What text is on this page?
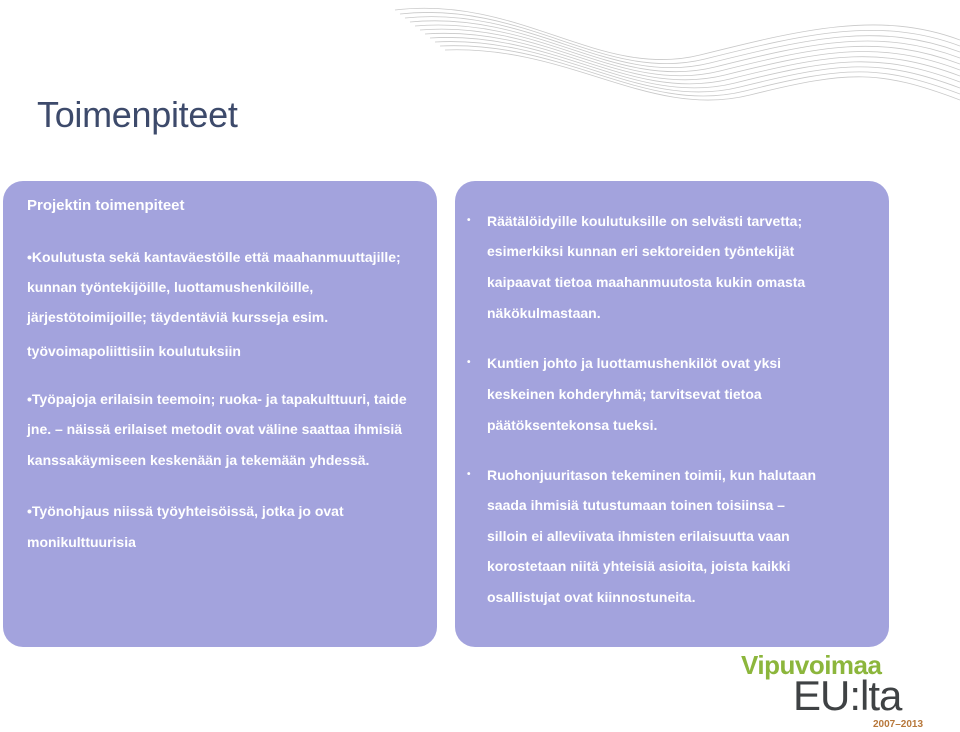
Toimenpiteet
Projektin toimenpiteet
•Koulutusta sekä kantaväestölle että maahanmuuttajille;
kunnan työntekijöille, luottamushenkilöille,
järjestötoimijoille; täydentäviä kursseja esim.
työvoimapoliittisiin koulutuksiin
•Työpajoja erilaisin teemoin; ruoka- ja tapakulttuuri, taide
jne. – näissä erilaiset metodit ovat väline saattaa ihmisiä
kanssakäymiseen keskenään ja tekemään yhdessä.
•Työnohjaus niissä työyhteisöissä, jotka jo ovat
monikulttuurisia
• Räätälöidyille koulutuksille on selvästi tarvetta;
esimerkiksi kunnan eri sektoreiden työntekijät
kaipaavat tietoa maahanmuutosta kukin omasta
näkökulmastaan.
• Kuntien johto ja luottamushenkilöt ovat yksi
keskeinen kohderyhmä; tarvitsevat tietoa
päätöksentekonsa tueksi.
• Ruohonjuuritason tekeminen toimii, kun halutaan
saada ihmisiä tutustumaan toinen toisiinsa –
silloin ei alleviivata ihmisten erilaisuutta vaan
korostetaan niitä yhteisiä asioita, joista kaikki
osallistujat ovat kiinnostuneita.
Vipuvoimaa
EU:lta
2007–2013
